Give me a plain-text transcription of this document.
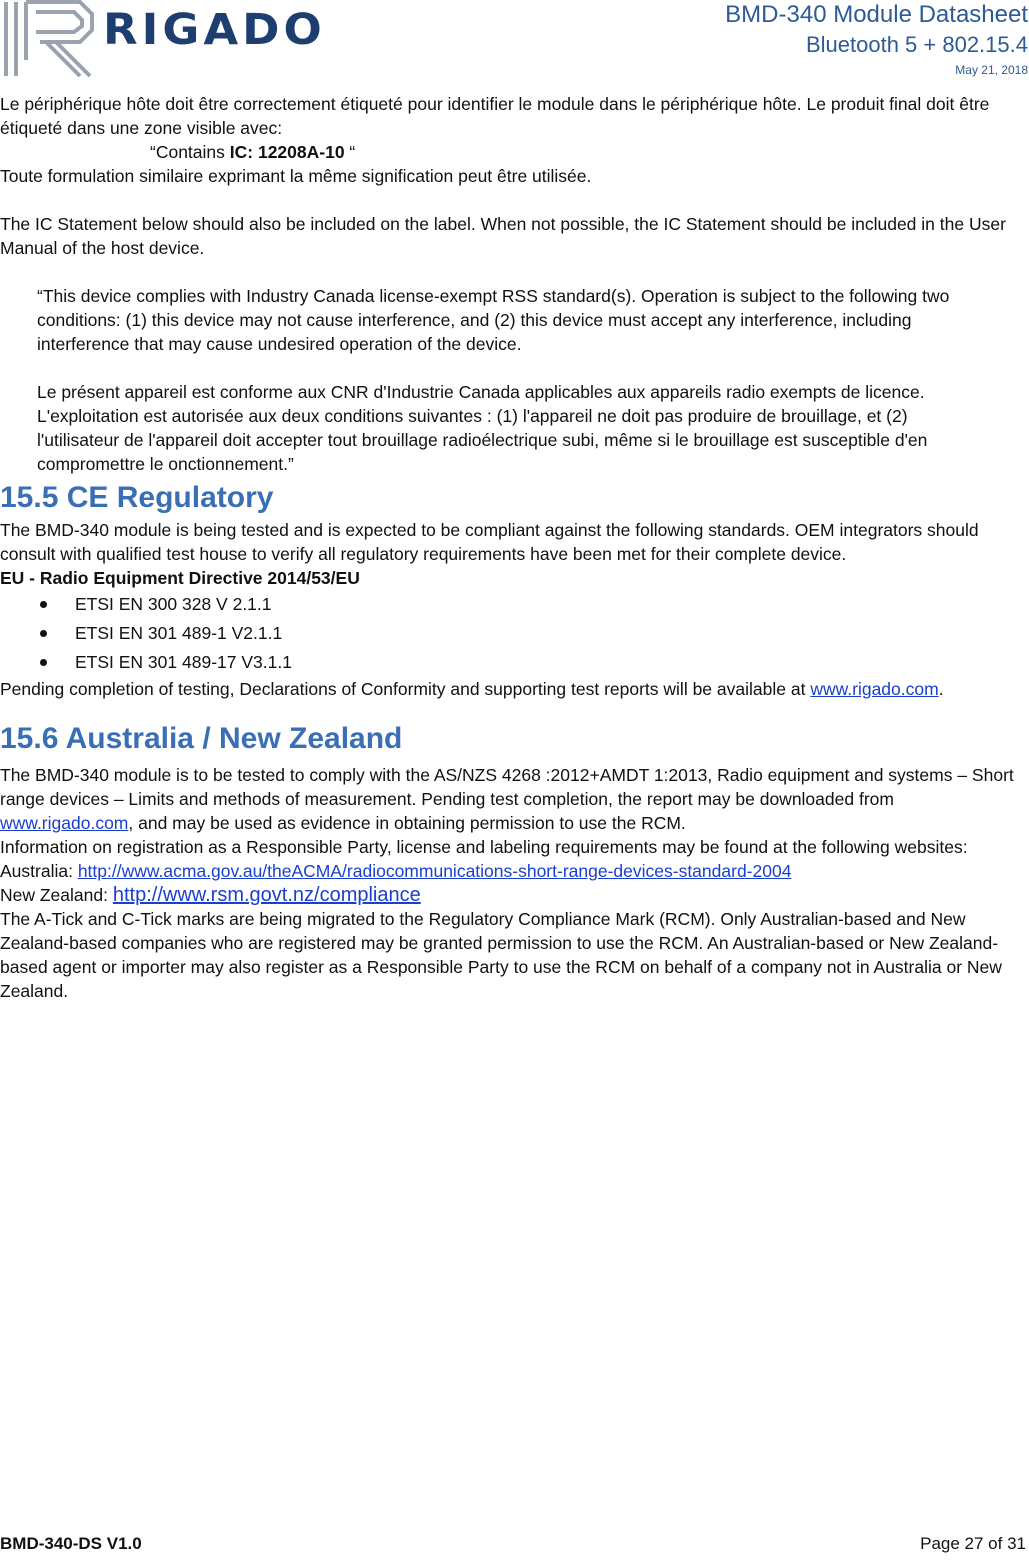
RIGADO	BMD-340 Module Datasheet
Bluetooth 5 + 802.15.4
May 21, 2018

Le périphérique hôte doit être correctement étiqueté pour identifier le module dans le périphérique hôte. Le produit final doit être étiqueté dans une zone visible avec:

“Contains IC: 12208A-10 “

Toute formulation similaire exprimant la même signification peut être utilisée.

The IC Statement below should also be included on the label. When not possible, the IC Statement should be included in the User Manual of the host device.

“This device complies with Industry Canada license-exempt RSS standard(s). Operation is subject to the following two conditions: (1) this device may not cause interference, and (2) this device must accept any interference, including interference that may cause undesired operation of the device.

Le présent appareil est conforme aux CNR d'Industrie Canada applicables aux appareils radio exempts de licence. L'exploitation est autorisée aux deux conditions suivantes : (1) l'appareil ne doit pas produire de brouillage, et (2) l'utilisateur de l'appareil doit accepter tout brouillage radioélectrique subi, même si le brouillage est susceptible d'en compromettre le onctionnement.”

15.5 CE Regulatory

The BMD-340 module is being tested and is expected to be compliant against the following standards. OEM integrators should consult with qualified test house to verify all regulatory requirements have been met for their complete device.

EU - Radio Equipment Directive 2014/53/EU

ETSI EN 300 328 V 2.1.1
ETSI EN 301 489-1 V2.1.1
ETSI EN 301 489-17 V3.1.1

Pending completion of testing, Declarations of Conformity and supporting test reports will be available at www.rigado.com.

15.6 Australia / New Zealand

The BMD-340 module is to be tested to comply with the AS/NZS 4268 :2012+AMDT 1:2013, Radio equipment and systems – Short range devices – Limits and methods of measurement. Pending test completion, the report may be downloaded from www.rigado.com, and may be used as evidence in obtaining permission to use the RCM.

Information on registration as a Responsible Party, license and labeling requirements may be found at the following websites:

Australia: http://www.acma.gov.au/theACMA/radiocommunications-short-range-devices-standard-2004

New Zealand: http://www.rsm.govt.nz/compliance

The A-Tick and C-Tick marks are being migrated to the Regulatory Compliance Mark (RCM). Only Australian-based and New Zealand-based companies who are registered may be granted permission to use the RCM. An Australian-based or New Zealand-based agent or importer may also register as a Responsible Party to use the RCM on behalf of a company not in Australia or New Zealand.

BMD-340-DS V1.0	Page 27 of 31
